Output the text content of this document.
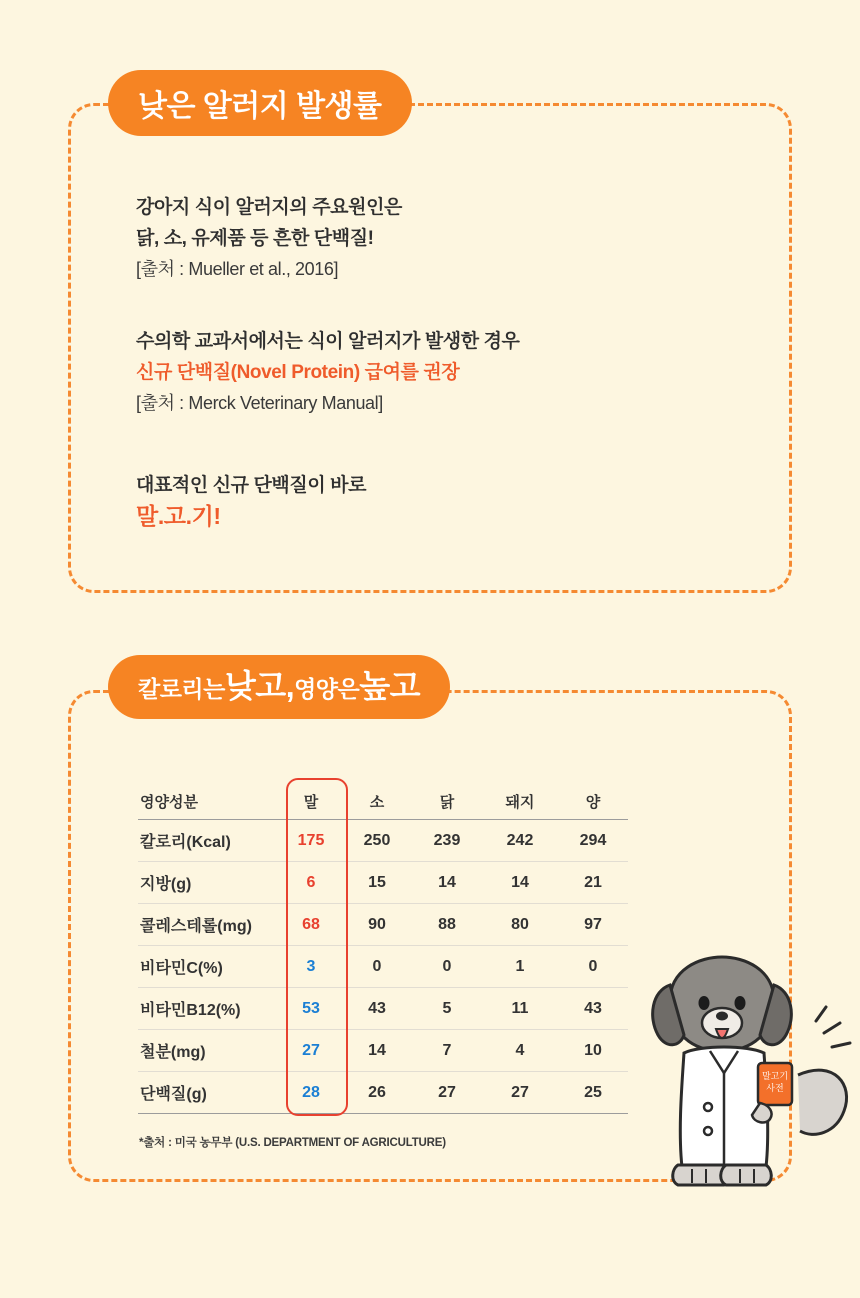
낮은 알러지 발생률
강아지 식이 알러지의 주요원인은
닭, 소, 유제품 등 흔한 단백질!
[출처 : Mueller et al., 2016]
수의학 교과서에서는 식이 알러지가 발생한 경우
신규 단백질(Novel Protein) 급여를 권장
[출처 : Merck Veterinary Manual]
대표적인 신규 단백질이 바로
말.고.기!
칼로리는 낮고, 영양은 높고
영양성분	말	소	닭	돼지	양
칼로리(Kcal)	175	250	239	242	294
지방(g)	6	15	14	14	21
콜레스테롤(mg)	68	90	88	80	97
비타민C(%)	3	0	0	1	0
비타민B12(%)	53	43	5	11	43
철분(mg)	27	14	7	4	10
단백질(g)	28	26	27	27	25
*출처 : 미국 농무부 (U.S. DEPARTMENT OF AGRICULTURE)
말고기
사전
